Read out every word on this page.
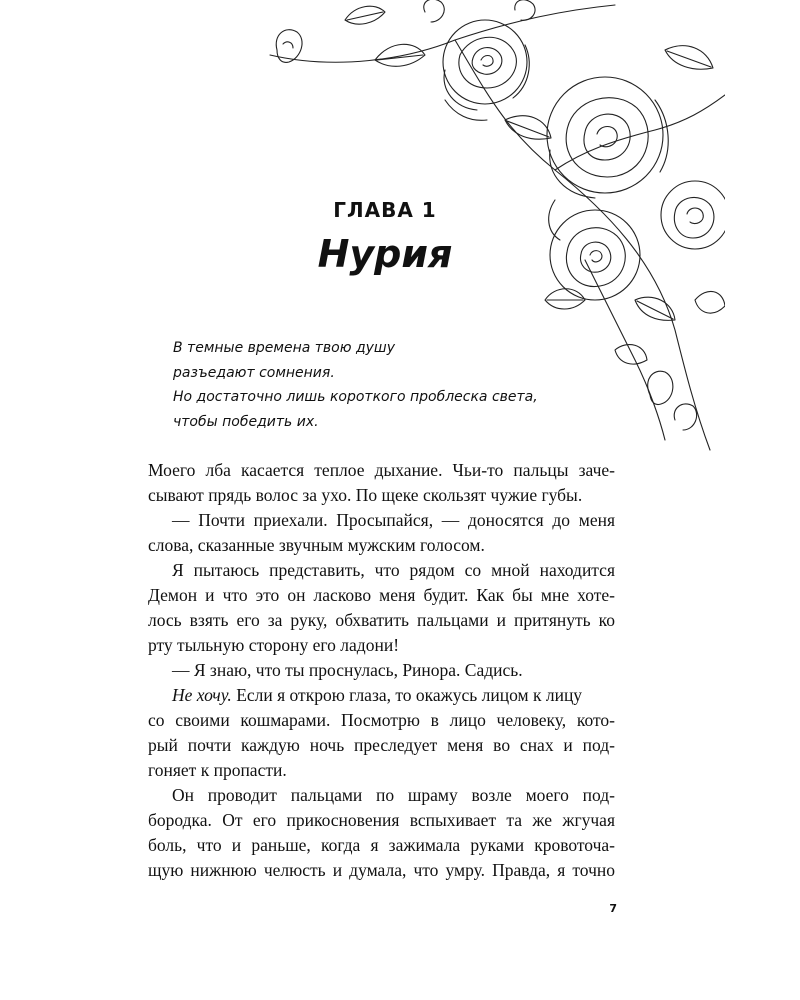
ГЛАВА 1
Нурия

В темные времена твою душу

разъедают сомнения.

Но достаточно лишь короткого проблеска света,

чтобы победить их.

Моего лба касается теплое дыхание. Чьи-то пальцы заче-
сывают прядь волос за ухо. По щеке скользят чужие губы.

— Почти приехали. Просыпайся, — доносятся до меня
слова, сказанные звучным мужским голосом.

Я пытаюсь представить, что рядом со мной находится
Демон и что это он ласково меня будит. Как бы мне хоте-
лось взять его за руку, обхватить пальцами и притянуть ко
рту тыльную сторону его ладони!

— Я знаю, что ты проснулась, Ринора. Садись.

Не хочу. Если я открою глаза, то окажусь лицом к лицу
со своими кошмарами. Посмотрю в лицо человеку, кото-
рый почти каждую ночь преследует меня во снах и под-
гоняет к пропасти.

Он проводит пальцами по шраму возле моего под-
бородка. От его прикосновения вспыхивает та же жгучая
боль, что и раньше, когда я зажимала руками кровоточа-
щую нижнюю челюсть и думала, что умру. Правда, я точно

7
